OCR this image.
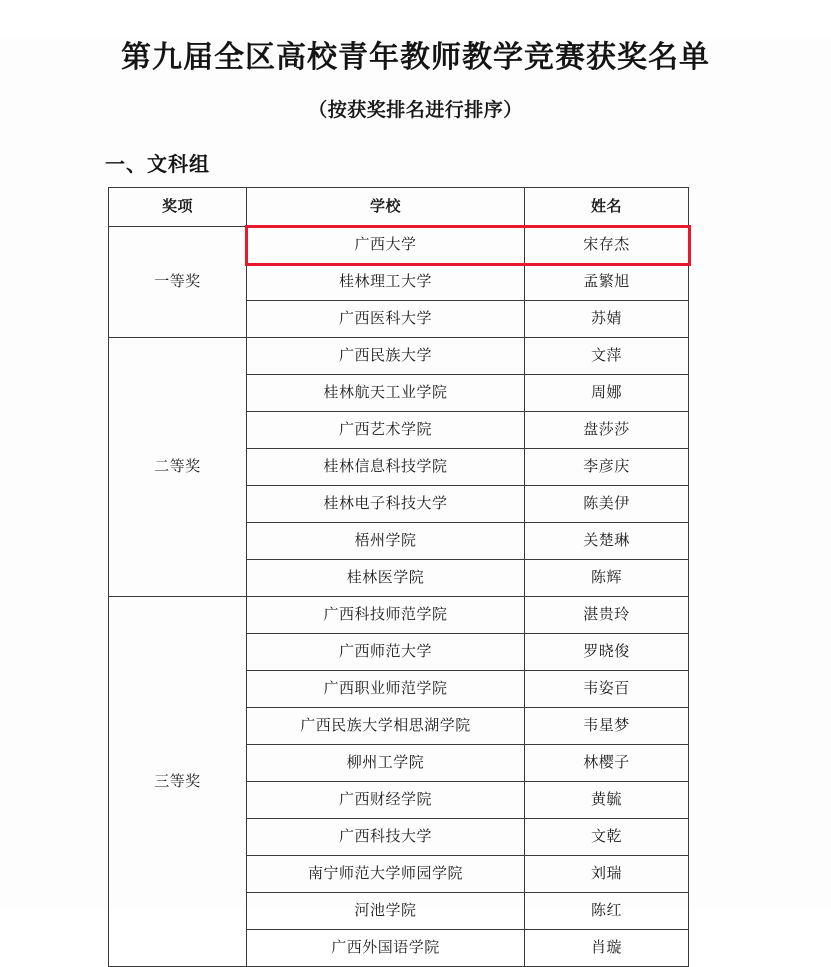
第九届全区高校青年教师教学竞赛获奖名单
（按获奖排名进行排序）
一、文科组
奖项	学校	姓名
一等奖	广西大学	宋存杰
	桂林理工大学	孟繁旭
	广西医科大学	苏婧
二等奖	广西民族大学	文萍
	桂林航天工业学院	周娜
	广西艺术学院	盘莎莎
	桂林信息科技学院	李彦庆
	桂林电子科技大学	陈美伊
	梧州学院	关楚琳
	桂林医学院	陈辉
三等奖	广西科技师范学院	湛贵玲
	广西师范大学	罗晓俊
	广西职业师范学院	韦姿百
	广西民族大学相思湖学院	韦星梦
	柳州工学院	林樱子
	广西财经学院	黄毓
	广西科技大学	文乾
	南宁师范大学师园学院	刘瑞
	河池学院	陈红
	广西外国语学院	肖璇
